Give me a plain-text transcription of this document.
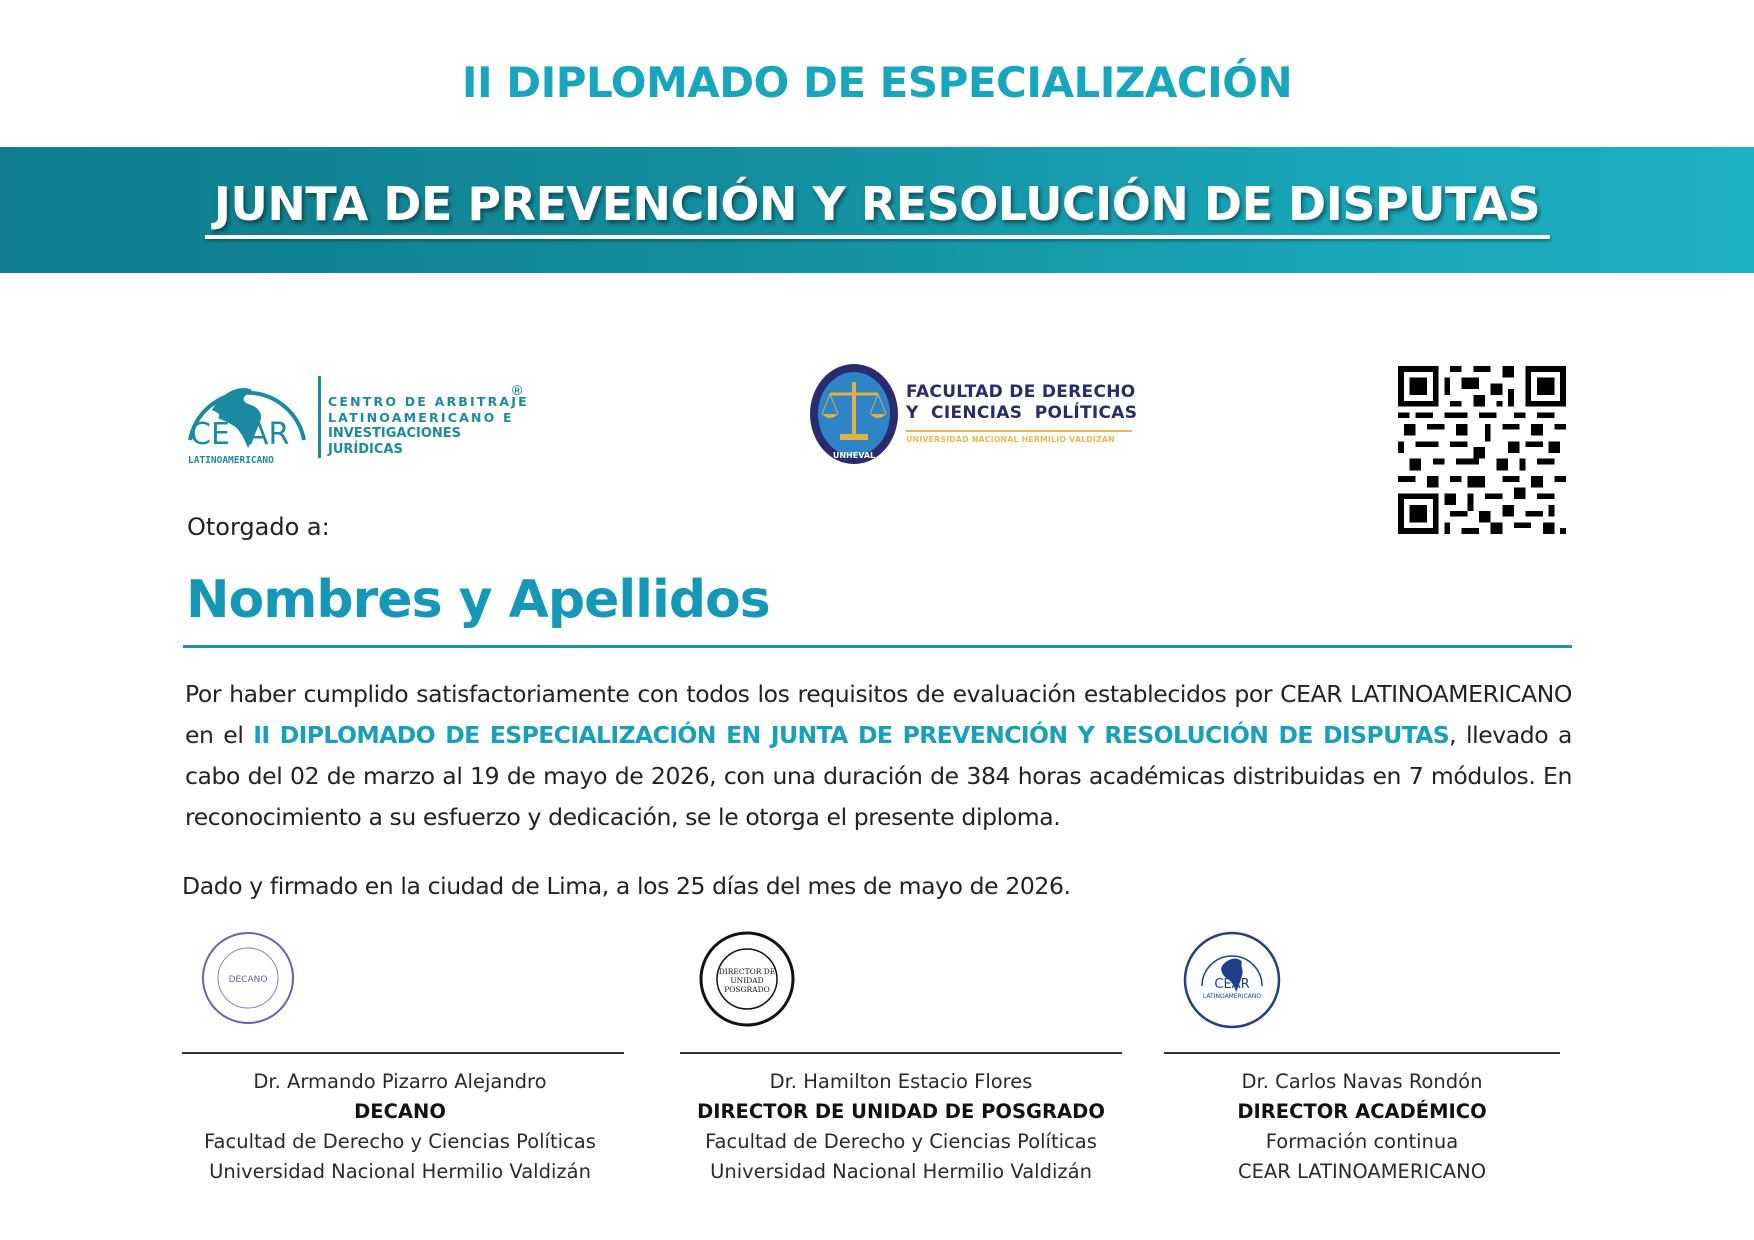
II DIPLOMADO DE ESPECIALIZACIÓN
JUNTA DE PREVENCIÓN Y RESOLUCIÓN DE DISPUTAS
CE AR
LATINOAMERICANO
CENTRO DE ARBITRAJE
LATINOAMERICANO E
INVESTIGACIONES JURÍDICAS
®
UNHEVAL
FACULTAD DE DERECHO
Y  CIENCIAS  POLÍTICAS
UNIVERSIDAD NACIONAL HERMILIO VALDIZAN
Otorgado a:
Nombres y Apellidos
Por haber cumplido satisfactoriamente con todos los requisitos de evaluación establecidos por CEAR LATINOAMERICANO en el II DIPLOMADO DE ESPECIALIZACIÓN EN JUNTA DE PREVENCIÓN Y RESOLUCIÓN DE DISPUTAS, llevado a cabo del 02 de marzo al 19 de mayo de 2026, con una duración de 384 horas académicas distribuidas en 7 módulos. En reconocimiento a su esfuerzo y dedicación, se le otorga el presente diploma.
Dado y firmado en la ciudad de Lima, a los 25 días del mes de mayo de 2026.
DECANO
Dr. Armando Pizarro Alejandro
DECANO
Facultad de Derecho y Ciencias Políticas
Universidad Nacional Hermilio Valdizán
DIRECTOR DE
UNIDAD
POSGRADO
Dr. Hamilton Estacio Flores
DIRECTOR DE UNIDAD DE POSGRADO
Facultad de Derecho y Ciencias Políticas
Universidad Nacional Hermilio Valdizán
CEAR
LATINOAMERICANO
Dr. Carlos Navas Rondón
DIRECTOR ACADÉMICO
Formación continua
CEAR LATINOAMERICANO
